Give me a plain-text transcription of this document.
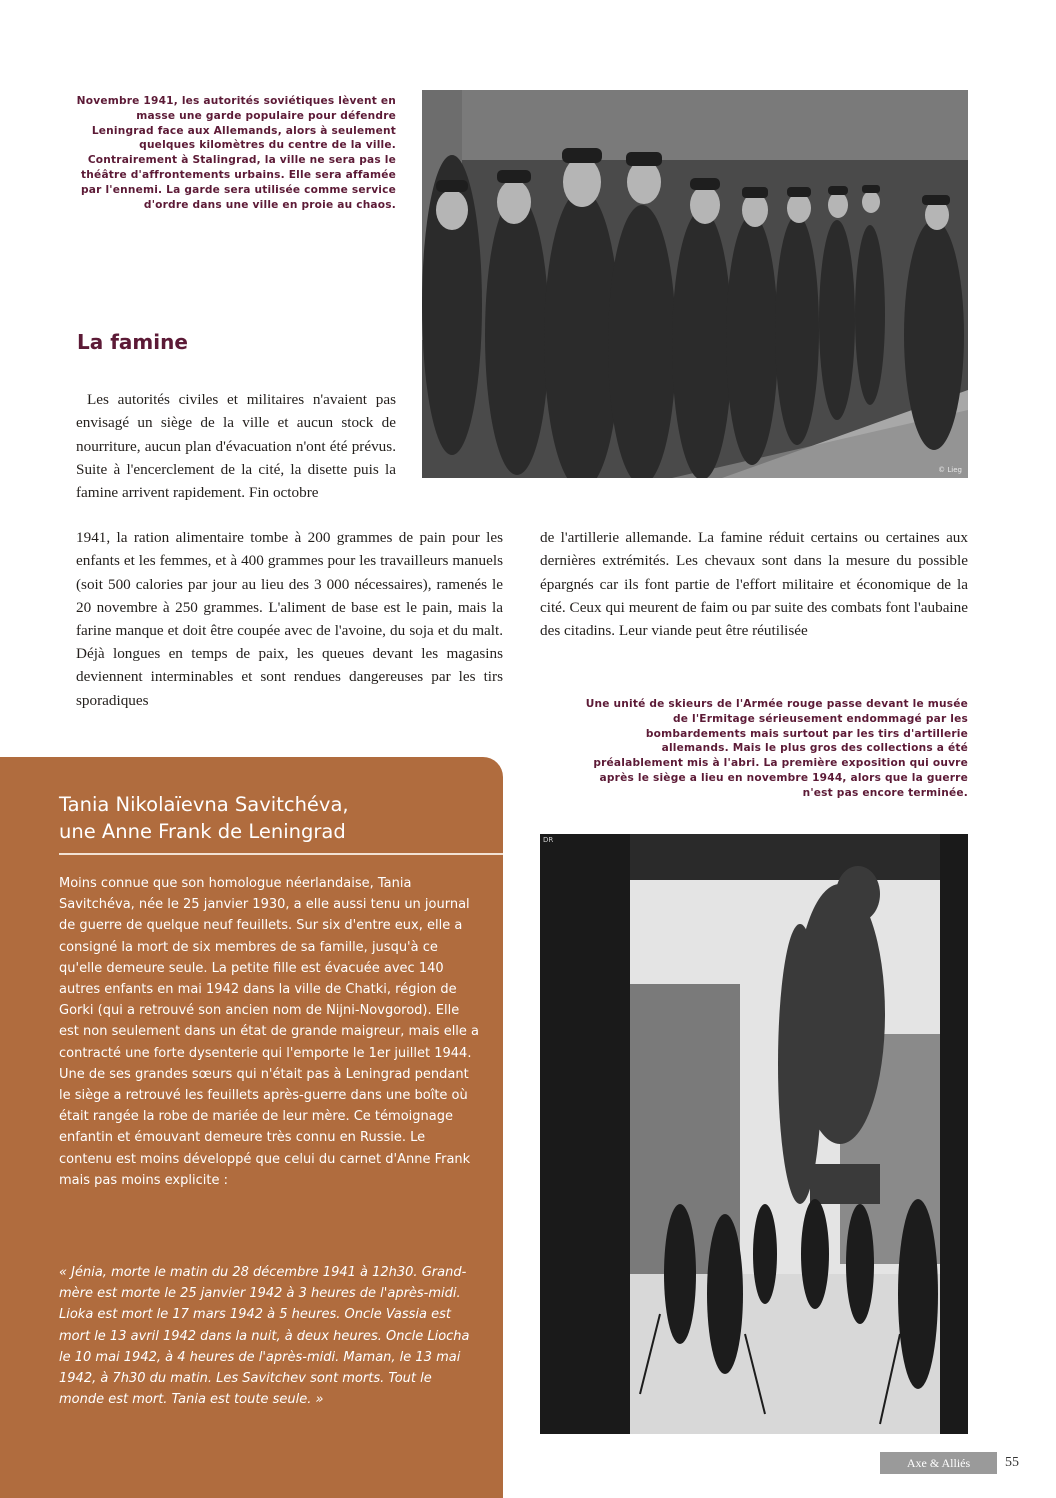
Novembre 1941, les autorités soviétiques lèvent en masse une garde populaire pour défendre Leningrad face aux Allemands, alors à seulement quelques kilomètres du centre de la ville. Contrairement à Stalingrad, la ville ne sera pas le théâtre d'affrontements urbains. Elle sera affamée par l'ennemi. La garde sera utilisée comme service d'ordre dans une ville en proie au chaos.
© Lieg
La famine

Les autorités civiles et militaires n'avaient pas envisagé un siège de la ville et aucun stock de nourriture, aucun plan d'évacuation n'ont été prévus. Suite à l'encerclement de la cité, la disette puis la famine arrivent rapidement. Fin octobre

1941, la ration alimentaire tombe à 200 grammes de pain pour les enfants et les femmes, et à 400 grammes pour les travailleurs manuels (soit 500 calories par jour au lieu des 3 000 nécessaires), ramenés le 20 novembre à 250 grammes. L'aliment de base est le pain, mais la farine manque et doit être coupée avec de l'avoine, du soja et du malt. Déjà longues en temps de paix, les queues devant les magasins deviennent interminables et sont rendues dangereuses par les tirs sporadiques

de l'artillerie allemande. La famine réduit certains ou certaines aux dernières extrémités. Les chevaux sont dans la mesure du possible épargnés car ils font partie de l'effort militaire et économique de la cité. Ceux qui meurent de faim ou par suite des combats font l'aubaine des citadins. Leur viande peut être réutilisée

Une unité de skieurs de l'Armée rouge passe devant le musée de l'Ermitage sérieusement endommagé par les bombardements mais surtout par les tirs d'artillerie allemands. Mais le plus gros des collections a été préalablement mis à l'abri. La première exposition qui ouvre après le siège a lieu en novembre 1944, alors que la guerre n'est pas encore terminée.
DR
Tania Nikolaïevna Savitchéva,
une Anne Frank de Leningrad

Moins connue que son homologue néerlandaise, Tania Savitchéva, née le 25 janvier 1930, a elle aussi tenu un journal de guerre de quelque neuf feuillets. Sur six d'entre eux, elle a consigné la mort de six membres de sa famille, jusqu'à ce qu'elle demeure seule. La petite fille est évacuée avec 140 autres enfants en mai 1942 dans la ville de Chatki, région de Gorki (qui a retrouvé son ancien nom de Nijni-Novgorod). Elle est non seulement dans un état de grande maigreur, mais elle a contracté une forte dysenterie qui l'emporte le 1er juillet 1944. Une de ses grandes sœurs qui n'était pas à Leningrad pendant le siège a retrouvé les feuillets après-guerre dans une boîte où était rangée la robe de mariée de leur mère. Ce témoignage enfantin et émouvant demeure très connu en Russie. Le contenu est moins développé que celui du carnet d'Anne Frank mais pas moins explicite :

« Jénia, morte le matin du 28 décembre 1941 à 12h30. Grand-mère est morte le 25 janvier 1942 à 3 heures de l'après-midi. Lioka est mort le 17 mars 1942 à 5 heures. Oncle Vassia est mort le 13 avril 1942 dans la nuit, à deux heures. Oncle Liocha le 10 mai 1942, à 4 heures de l'après-midi. Maman, le 13 mai 1942, à 7h30 du matin. Les Savitchev sont morts. Tout le monde est mort. Tania est toute seule. »

Axe & Alliés	55
